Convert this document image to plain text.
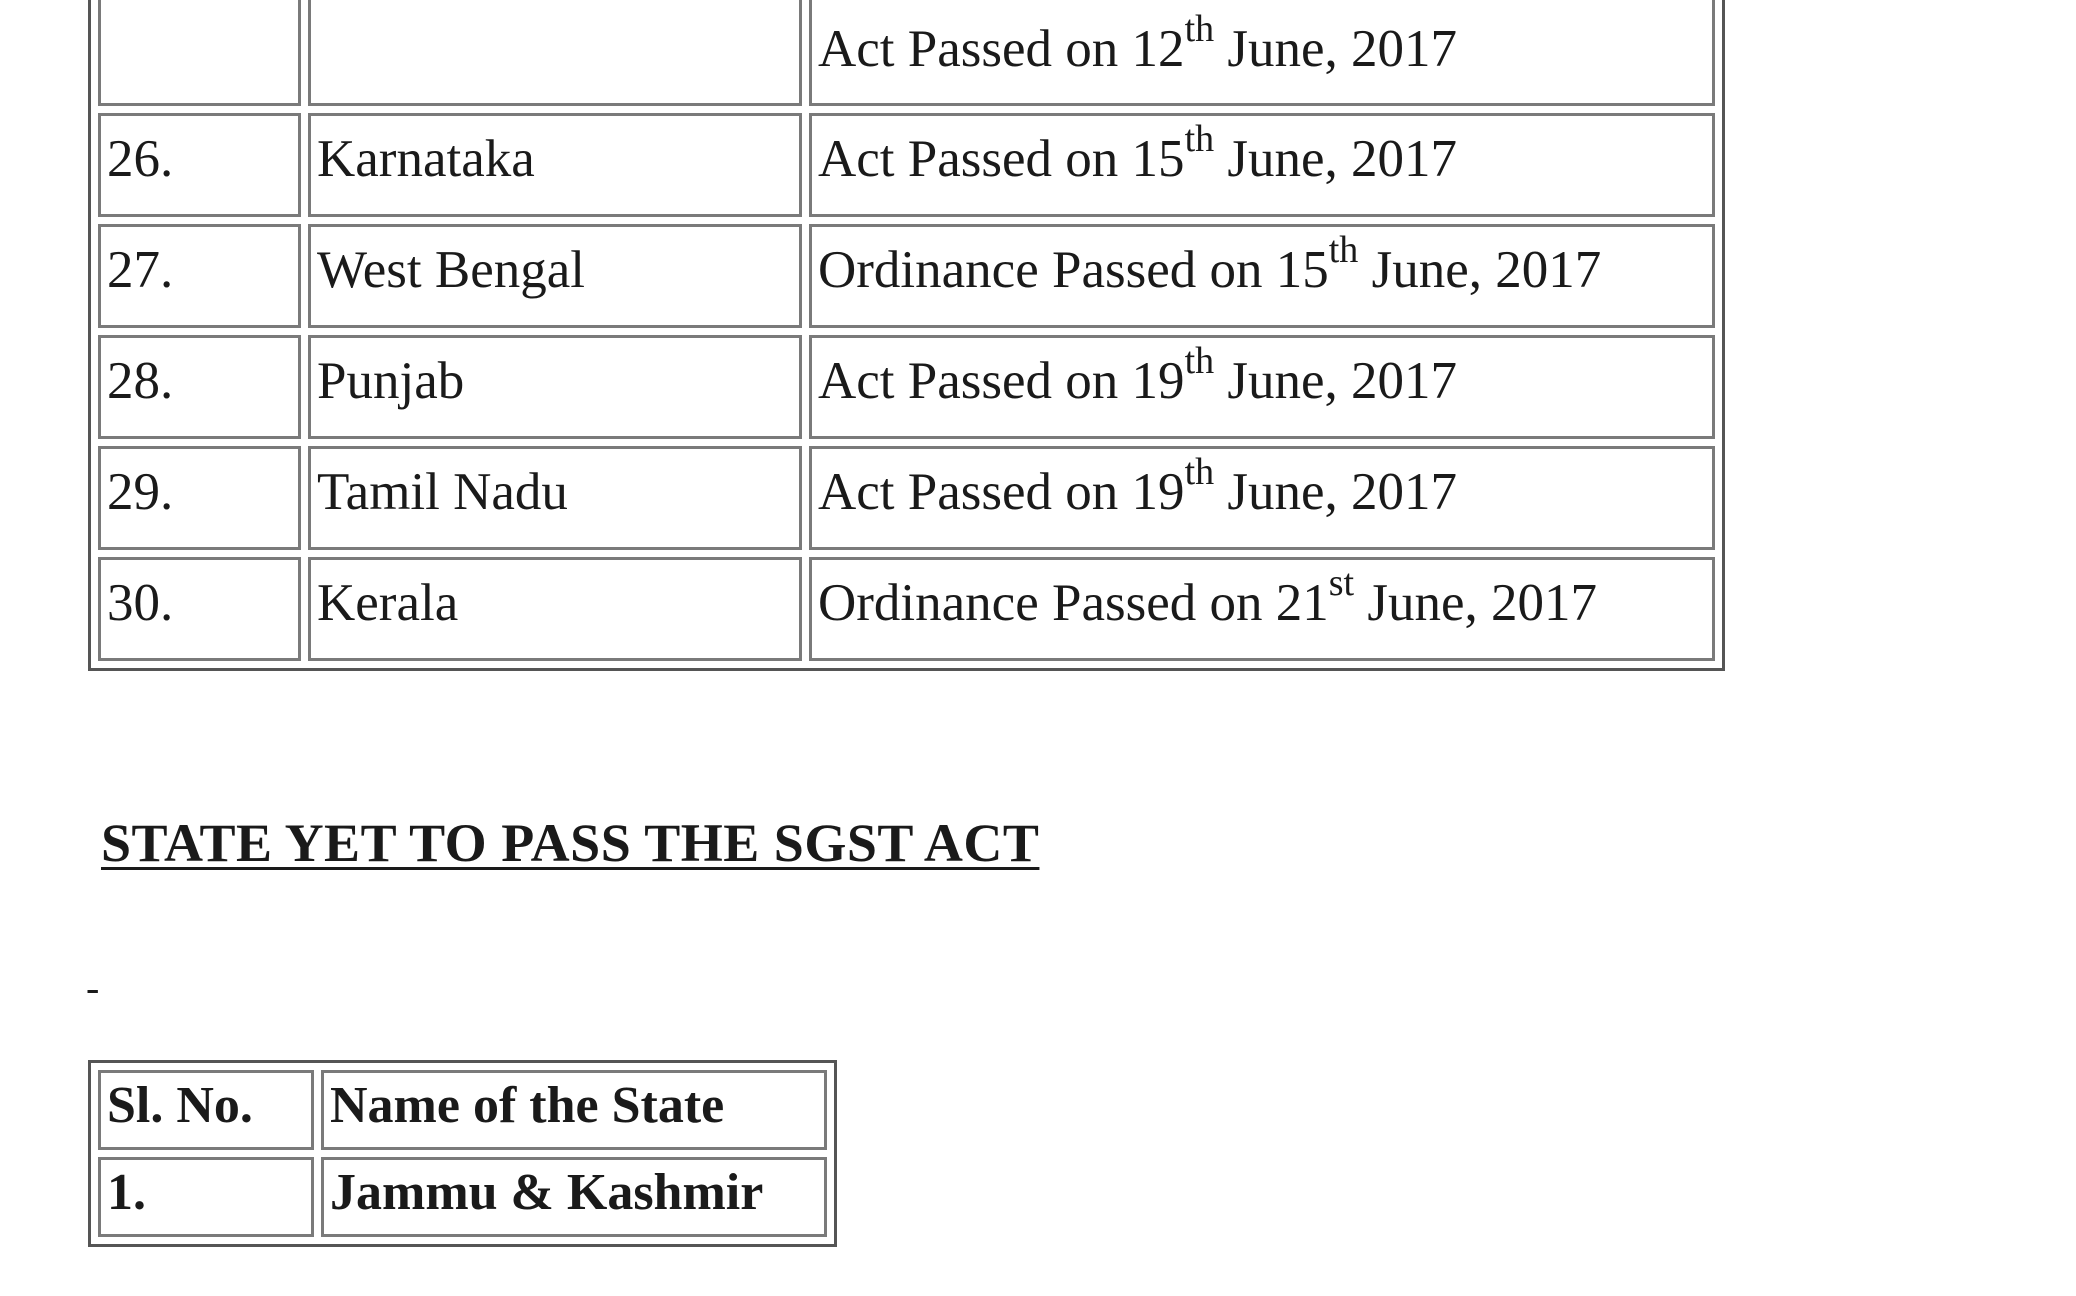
		Act Passed on 12th June, 2017
26.	Karnataka	Act Passed on 15th June, 2017
27.	West Bengal	Ordinance Passed on 15th June, 2017
28.	Punjab	Act Passed on 19th June, 2017
29.	Tamil Nadu	Act Passed on 19th June, 2017
30.	Kerala	Ordinance Passed on 21st June, 2017
STATE YET TO PASS THE SGST ACT
-
Sl. No.	Name of the State
1.	Jammu & Kashmir
